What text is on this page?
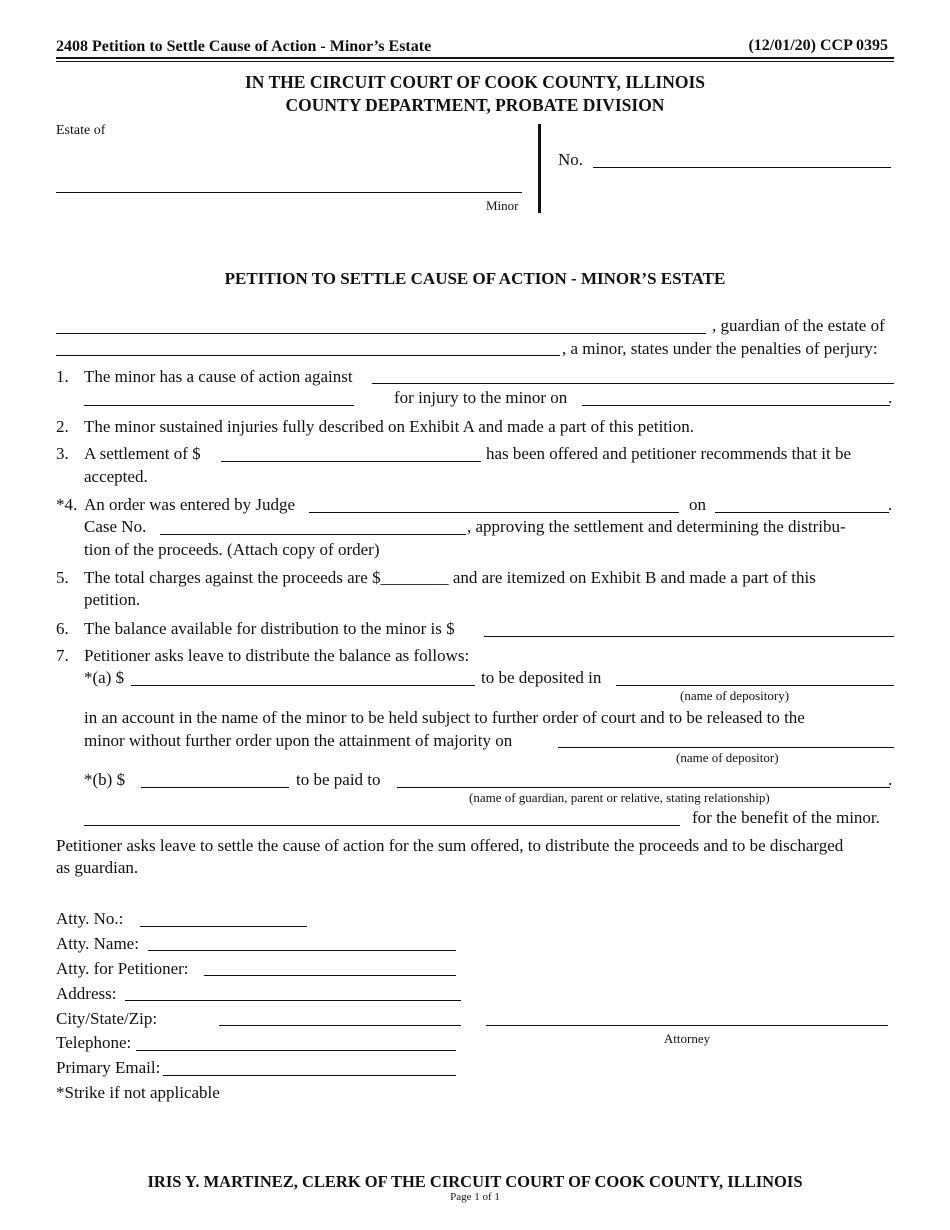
2408 Petition to Settle Cause of Action - Minor’s Estate	(12/01/20) CCP 0395
IN THE CIRCUIT COURT OF COOK COUNTY, ILLINOIS
COUNTY DEPARTMENT, PROBATE DIVISION
Estate of
Minor
No.
PETITION TO SETTLE CAUSE OF ACTION - MINOR’S ESTATE
, guardian of the estate of
, a minor, states under the penalties of perjury:
1. The minor has a cause of action against
for injury to the minor on	.
2. The minor sustained injuries fully described on Exhibit A and made a part of this petition.
3. A settlement of $	has been offered and petitioner recommends that it be
accepted.
*4. An order was entered by Judge	on	.
Case No.	, approving the settlement and determining the distribu-
tion of the proceeds. (Attach copy of order)
5. The total charges against the proceeds are $________ and are itemized on Exhibit B and made a part of this
petition.
6. The balance available for distribution to the minor is $
7. Petitioner asks leave to distribute the balance as follows:
*(a) $	to be deposited in
(name of depository)
in an account in the name of the minor to be held subject to further order of court and to be released to the
minor without further order upon the attainment of majority on
(name of depositor)
*(b) $	to be paid to	.
(name of guardian, parent or relative, stating relationship)
for the benefit of the minor.
Petitioner asks leave to settle the cause of action for the sum offered, to distribute the proceeds and to be discharged
as guardian.
Atty. No.:
Atty. Name:
Atty. for Petitioner:
Address:
City/State/Zip:
Telephone:
Primary Email:
*Strike if not applicable
Attorney
IRIS Y. MARTINEZ, CLERK OF THE CIRCUIT COURT OF COOK COUNTY, ILLINOIS
Page 1 of 1
